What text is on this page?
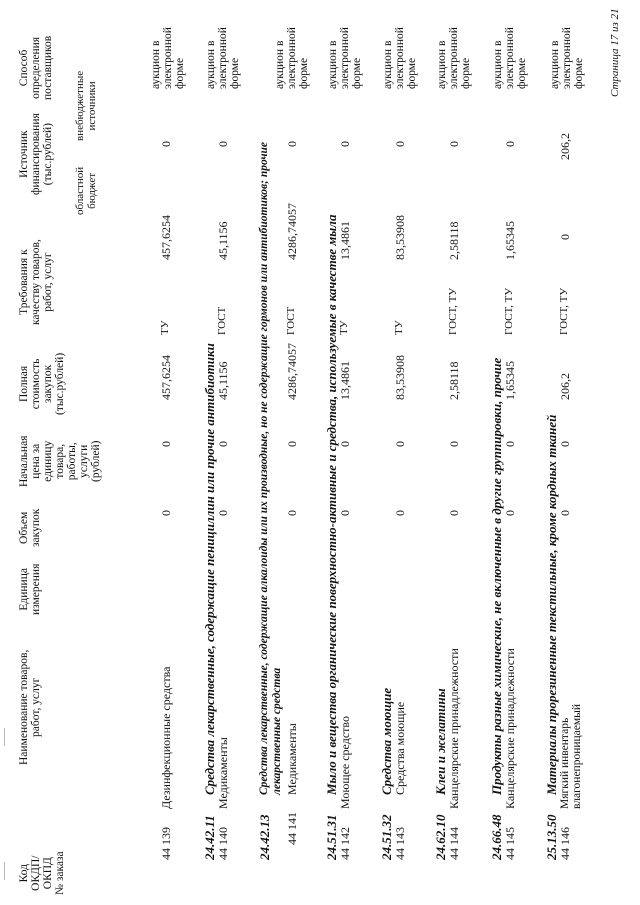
Код
ОКДП/
ОКПД
№ заказа
Наименование товаров,
работ, услуг
Единица
измерения
Объем
закупок
Начальная
цена за
единицу
товара,
работы,
услуги
(рублей)
Полная
стоимость
закупок
(тыс.рублей)
Требования к
качеству товаров,
работ, услуг
Источник
финансирования
(тыс.рублей)
областной
бюджет
внебюджетные
источники
Способ
определения
поставщиков
44 139
Дезинфекционные средства
0
0
457,6254
ТУ
457,6254
0
аукцион в
электронной
форме
24.42.11
Средства лекарственные, содержащие пенициллин или прочие антибиотики
44 140
Медикаменты
0
0
45,1156
ГОСТ
45,1156
0
аукцион в
электронной
форме
24.42.13
Средства лекарственные, содержащие алкалоиды или их производные, но не содержащие гормонов или антибиотиков; прочие
лекарственные средства
44 141
Медикаменты
0
0
4286,74057
ГОСТ
4286,74057
0
аукцион в
электронной
форме
24.51.31
Мыло и вещества органические поверхностно-активные и средства, используемые в качестве мыла
44 142
Моющее средство
0
0
13,4861
ТУ
13,4861
0
аукцион в
электронной
форме
24.51.32
Средства моющие
44 143
Средства моющие
0
0
83,53908
ТУ
83,53908
0
аукцион в
электронной
форме
24.62.10
Клеи и желатины
44 144
Канцелярские принадлежности
0
0
2,58118
ГОСТ, ТУ
2,58118
0
аукцион в
электронной
форме
24.66.48
Продукты разные химические, не включенные в другие группировки, прочие
44 145
Канцелярские принадлежности
0
0
1,65345
ГОСТ, ТУ
1,65345
0
аукцион в
электронной
форме
25.13.50
Материалы прорезиненные текстильные, кроме кордных тканей
44 146
Мягкий инвентарь
влагонепроницаемый
0
0
206,2
ГОСТ, ТУ
0
206,2
аукцион в
электронной
форме Страница 17 из 21
